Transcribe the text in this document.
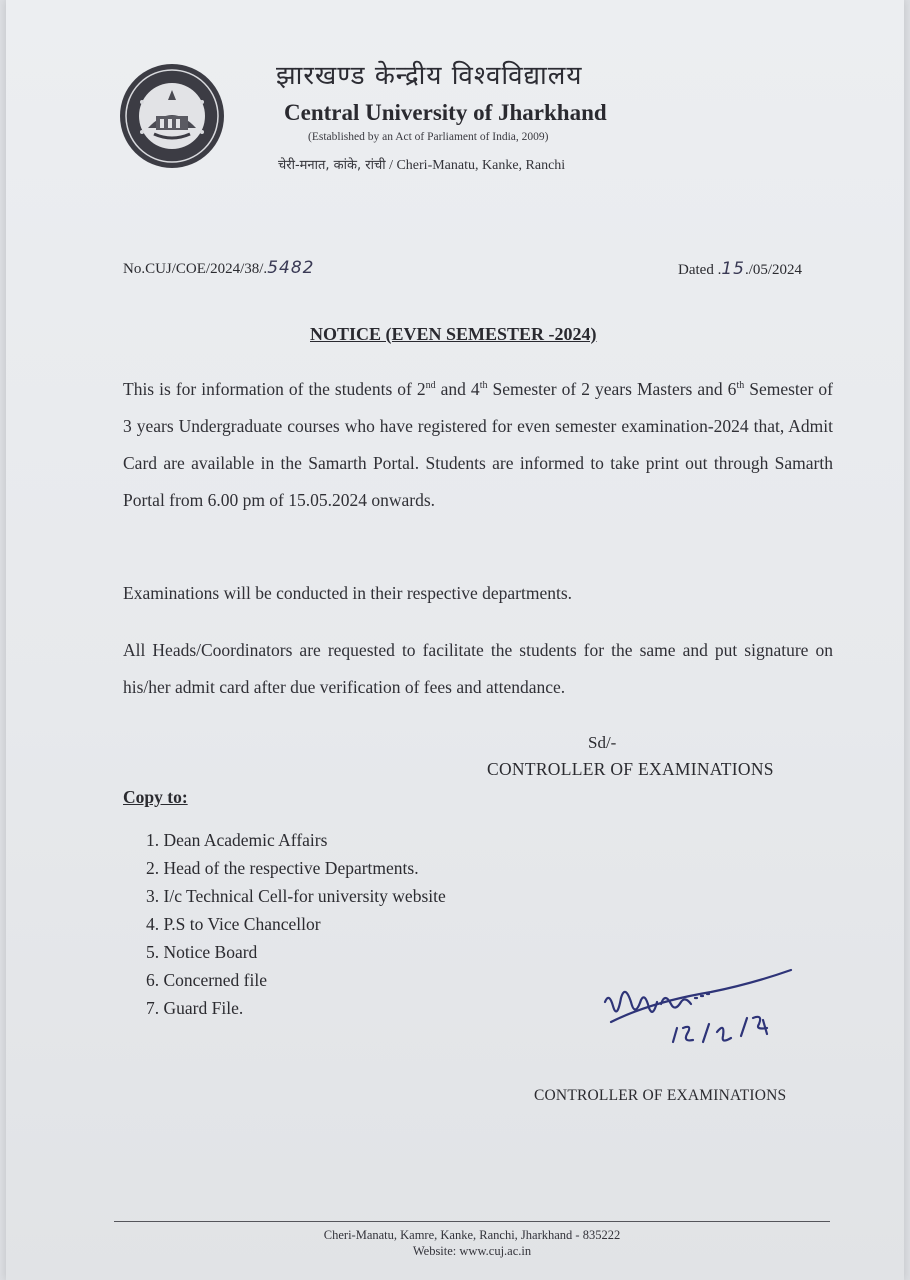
झारखण्ड केन्द्रीय विश्वविद्यालय
Central University of Jharkhand
(Established by an Act of Parliament of India, 2009)
चेरी-मनात, कांके, रांची / Cheri-Manatu, Kanke, Ranchi
No.CUJ/COE/2024/38/.5482	Dated .15./05/2024
NOTICE (EVEN SEMESTER -2024)
This is for information of the students of 2nd and 4th Semester of 2 years Masters and 6th Semester of 3 years Undergraduate courses who have registered for even semester examination-2024 that, Admit Card are available in the Samarth Portal. Students are informed to take print out through Samarth Portal from 6.00 pm of 15.05.2024 onwards.
Examinations will be conducted in their respective departments.
All Heads/Coordinators are requested to facilitate the students for the same and put signature on his/her admit card after due verification of fees and attendance.
Sd/-
CONTROLLER OF EXAMINATIONS
Copy to:
1. Dean Academic Affairs
2. Head of the respective Departments.
3. I/c Technical Cell-for university website
4. P.S to Vice Chancellor
5. Notice Board
6. Concerned file
7. Guard File.
CONTROLLER OF EXAMINATIONS
Cheri-Manatu, Kamre, Kanke, Ranchi, Jharkhand - 835222
Website: www.cuj.ac.in
